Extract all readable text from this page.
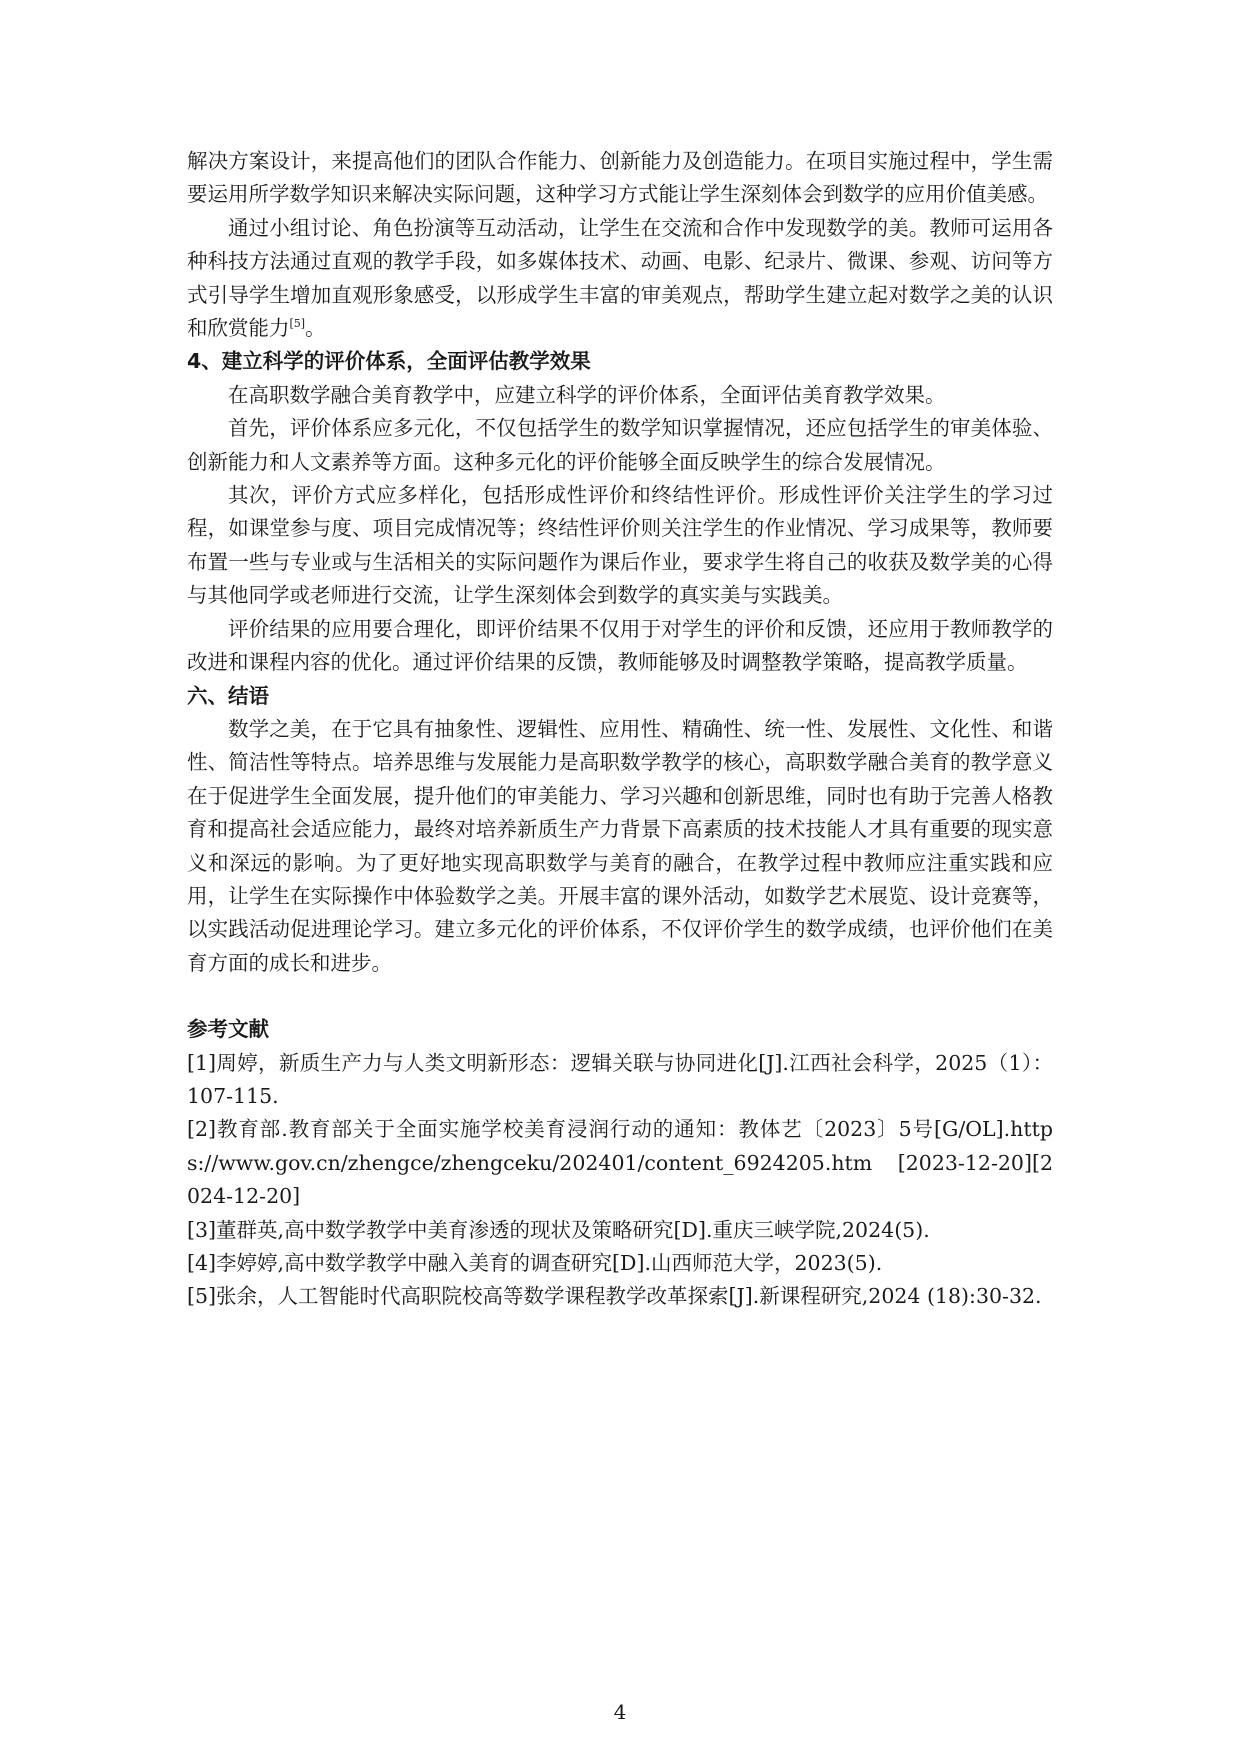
解决方案设计，来提高他们的团队合作能力、创新能力及创造能力。在项目实施过程中，学生需要运用所学数学知识来解决实际问题，这种学习方式能让学生深刻体会到数学的应用价值美感。

通过小组讨论、角色扮演等互动活动，让学生在交流和合作中发现数学的美。教师可运用各种科技方法通过直观的教学手段，如多媒体技术、动画、电影、纪录片、微课、参观、访问等方式引导学生增加直观形象感受，以形成学生丰富的审美观点，帮助学生建立起对数学之美的认识和欣赏能力[5]。

4、建立科学的评价体系，全面评估教学效果

在高职数学融合美育教学中，应建立科学的评价体系，全面评估美育教学效果。

首先，评价体系应多元化，不仅包括学生的数学知识掌握情况，还应包括学生的审美体验、创新能力和人文素养等方面。这种多元化的评价能够全面反映学生的综合发展情况。

其次，评价方式应多样化，包括形成性评价和终结性评价。形成性评价关注学生的学习过程，如课堂参与度、项目完成情况等；终结性评价则关注学生的作业情况、学习成果等，教师要布置一些与专业或与生活相关的实际问题作为课后作业，要求学生将自己的收获及数学美的心得与其他同学或老师进行交流，让学生深刻体会到数学的真实美与实践美。

评价结果的应用要合理化，即评价结果不仅用于对学生的评价和反馈，还应用于教师教学的改进和课程内容的优化。通过评价结果的反馈，教师能够及时调整教学策略，提高教学质量。

六、结语

数学之美，在于它具有抽象性、逻辑性、应用性、精确性、统一性、发展性、文化性、和谐性、简洁性等特点。培养思维与发展能力是高职数学教学的核心，高职数学融合美育的教学意义在于促进学生全面发展，提升他们的审美能力、学习兴趣和创新思维，同时也有助于完善人格教育和提高社会适应能力，最终对培养新质生产力背景下高素质的技术技能人才具有重要的现实意义和深远的影响。为了更好地实现高职数学与美育的融合，在教学过程中教师应注重实践和应用，让学生在实际操作中体验数学之美。开展丰富的课外活动，如数学艺术展览、设计竞赛等，以实践活动促进理论学习。建立多元化的评价体系，不仅评价学生的数学成绩，也评价他们在美育方面的成长和进步。

参考文献

[1]周婷，新质生产力与人类文明新形态：逻辑关联与协同进化[J].江西社会科学，2025（1）：107-115.

[2]教育部.教育部关于全面实施学校美育浸润行动的通知：教体艺〔2023〕5号[G/OL].https://www.gov.cn/zhengce/zhengceku/202401/content_6924205.htm　[2023-12-20][2024-12-20]

[3]董群英,高中数学教学中美育渗透的现状及策略研究[D].重庆三峡学院,2024(5).

[4]李婷婷,高中数学教学中融入美育的调查研究[D].山西师范大学，2023(5).

[5]张余，人工智能时代高职院校高等数学课程教学改革探索[J].新课程研究,2024 (18):30-32.

4
